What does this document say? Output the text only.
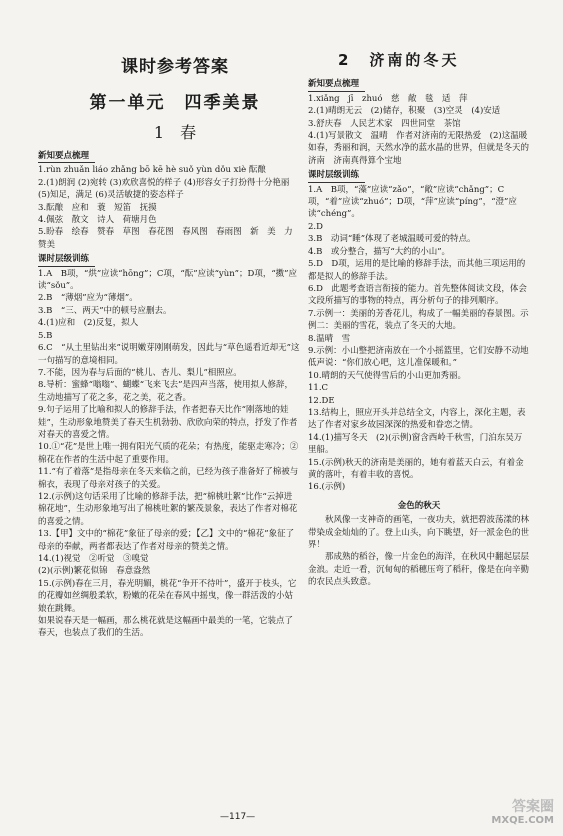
课时参考答案
第一单元　四季美景
1　春
新知要点梳理

1.rùn zhuǎn liáo zhǎng bō kē hè suǒ yùn dǒu xiè 酝酿

2.(1)朗润 (2)宛转 (3)欢欣喜悦的样子 (4)形容女子打扮得十分艳丽 (5)知足，满足 (6)灵活敏捷的姿态样子

3.酝酿　应和　蓑　短笛　抚摸

4.佩弦　散文　诗人　荷塘月色

5.盼春　绘春　赞春　草图　春花图　春风图　春雨图　新　美　力　赞美

课时层级训练

1.A　B项，“烘”应读“hōng”；C项，“酝”应读“yùn”；D项，“擞”应读“sǒu”。

2.B　“薄烟”应为“薄烟”。

3.B　“三、两天”中的顿号应删去。

4.(1)应和　(2)反复，拟人

5.B

6.C　“从土里钻出来”说明嫩芽刚刚萌发，因此与“草色遥看近却无”这一句描写的意境相同。

7.不能，因为春与后面的“桃儿、杏儿、梨儿”相照应。

8.导析：蜜蜂“嗡嗡”、蝴蝶“飞来飞去”是四声当落，使用拟人修辞，生动地描写了花之多，花之美，花之香。

9.句子运用了比喻和拟人的修辞手法，作者把春天比作“刚落地的娃娃”，生动形象地赞美了春天生机勃勃、欣欣向荣的特点，抒发了作者对春天的喜爱之情。

10.①“花”是世上唯一拥有阳光气质的花朵；有热度，能驱走寒冷；②棉花在作者的生活中起了重要作用。

11.“有了着落”是指母亲在冬天来临之前，已经为孩子准备好了棉被与棉衣，表现了母亲对孩子的关爱。

12.(示例)这句话采用了比喻的修辞手法，把“棉桃吐絮”比作“云掉进棉花地”，生动形象地写出了棉桃吐絮的繁茂景象，表达了作者对棉花的喜爱之情。

13.【甲】文中的“棉花”象征了母亲的爱；【乙】文中的“棉花”象征了母亲的奉献，两者都表达了作者对母亲的赞美之情。

14.(1)视觉　②听觉　③嗅觉

(2)(示例)繁花似锦　春意盎然

15.(示例)春在三月，春光明媚，桃花“争开不待叶”，盛开于枝头，它的花瓣如丝绸般柔软，粉嫩的花朵在春风中摇曳，像一群活泼的小姑娘在跳舞。

如果说春天是一幅画，那么桃花就是这幅画中最美的一笔，它装点了春天，也装点了我们的生活。

2　济南的冬天
新知要点梳理

1.xiǎng　jī　zhuó　慈　敞　毯　适　萍

2.(1)晴朗无云　(2)储存，积聚　(3)空灵　(4)安适

3.舒庆春　人民艺术家　四世同堂　茶馆

4.(1)写景散文　温晴　作者对济南的无限热爱　(2)这温暖如春，秀丽和润，天然水净的蓝水晶的世界，但就是冬天的济南　济南真得算个宝地

课时层级训练

1.A　B项，“藻”应读“zǎo”，“敞”应读“chǎng”；C项，“着”应读“zhuó”；D项，“萍”应读“píng”，“澄”应读“chéng”。

2.D

3.B　动词“睡”体现了老城温暖可爱的特点。

4.B　或分整合，描写“大约的小山”。

5.D　D项，运用的是比喻的修辞手法，而其他三项运用的都是拟人的修辞手法。

6.D　此题考查语言衔接的能力。首先整体阅读文段，体会文段所描写的事物的特点，再分析句子的排列顺序。

7.示例一：美丽的芳香花儿，构成了一幅美丽的春景图。示例二：美丽的雪花，装点了冬天的大地。

8.温晴　雪

9.示例：小山整把济南放在一个小摇篮里，它们安静不动地低声说：“你们放心吧，这儿准保暖和。”

10.晴朗的天气使得雪后的小山更加秀丽。

11.C

12.DE

13.结构上，照应开头并总结全文，内容上，深化主题，表达了作者对家乡故园深深的热爱和眷恋之情。

14.(1)描写冬天　(2)(示例)窗含西岭千秋雪，门泊东吴万里船。

15.(示例)秋天的济南是美丽的，她有着蓝天白云，有着金黄的落叶，有着丰收的喜悦。

16.(示例)

金色的秋天

秋风像一支神奇的画笔，一夜功夫，就把碧波荡漾的林带染成金灿灿的了。登上山头，向下眺望，好一派金色的世界！

那成熟的稻谷，像一片金色的海洋，在秋风中翻起层层金浪。走近一看，沉甸甸的稻穗压弯了稻秆，像是在向辛勤的农民点头致意。

—117—
答案圈
MXQE.COM
